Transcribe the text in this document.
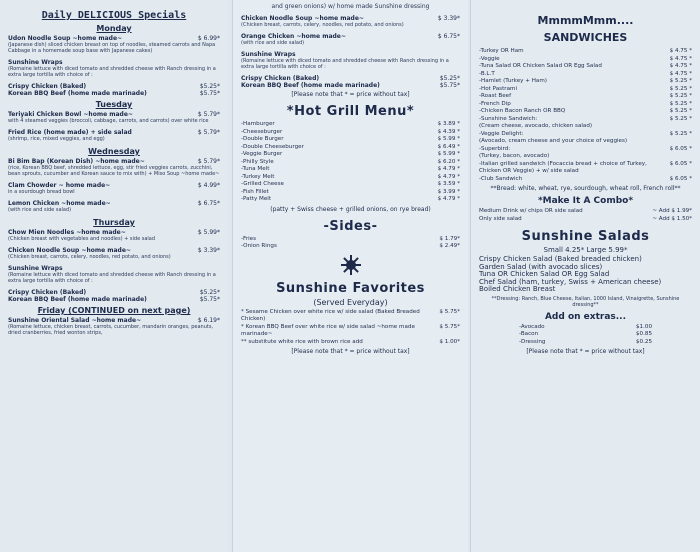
Daily DELICIOUS Specials
Monday
Udon Noodle Soup ~home made~	$ 6.99*
(Japanese dish) sliced chicken breast on top of noodles, steamed carrots and Napa Cabbage in a homemade soup base with Japanese cakes)
Sunshine Wraps
(Romaine lettuce with diced tomato and shredded cheese with Ranch dressing in a extra large tortilla with choice of :
Crispy Chicken (Baked)	$5.25*
Korean BBQ Beef (home made marinade)	$5.75*
Tuesday
Teriyaki Chicken Bowl ~home made~	$ 5.79*
with 4 steamed veggies (broccoli, cabbage, carrots, and carrots) over white rice
Fried Rice (home made) + side salad	$ 5.79*
(shrimp, rice, mixed veggies, and egg)
Wednesday
Bi Bim Bap (Korean Dish) ~home made~	$ 5.79*
(rice, Korean BBQ beef, shredded lettuce, egg, stir fried veggies carrots, zucchini, bean sprouts, cucumber and Korean sauce to mix with) + Miso Soup ~home made~
Clam Chowder ~ home made~	$ 4.99*
in a sourdough bread bowl
Lemon Chicken ~home made~	$ 6.75*
(with rice and side salad)
Thursday
Chow Mien Noodles ~home made~	$ 5.99*
(Chicken breast with vegetables and noodles) + side salad
Chicken Noodle Soup ~home made~	$ 3.39*
(Chicken breast, carrots, celery, noodles, red potato, and onions)
Sunshine Wraps
(Romaine lettuce with diced tomato and shredded cheese with Ranch dressing in a extra large tortilla with choice of :
Crispy Chicken (Baked)	$5.25*
Korean BBQ Beef (home made marinade)	$5.75*
Friday (CONTINUED on next page)
Sunshine Oriental Salad ~home made~	$ 6.19*
(Romaine lettuce, chicken breast, carrots, cucumber, mandarin oranges, peanuts, dried cranberries, fried wonton strips,
and green onions) w/ home made Sunshine dressing
Chicken Noodle Soup ~home made~	$ 3.39*
(Chicken breast, carrots, celery, noodles, red potato, and onions)
Orange Chicken ~home made~	$ 6.75*
(with rice and side salad)
Sunshine Wraps
(Romaine lettuce with diced tomato and shredded cheese with Ranch dressing in a extra large tortilla with choice of :
Crispy Chicken (Baked)	$5.25*
Korean BBQ Beef (home made marinade)	$5.75*
[Please note that * = price without tax]
*Hot Grill Menu*
-Hamburger	$ 3.89 *
-Cheeseburger	$ 4.39 *
-Double Burger	$ 5.99 *
-Double Cheeseburger	$ 6.49 *
-Veggie Burger	$ 5.99 *
-Philly Style	$ 6.20 *
-Tuna Melt	$ 4.79 *
-Turkey Melt	$ 4.79 *
-Grilled Cheese	$ 3.59 *
-Fish Fillet	$ 3.99 *
-Patty Melt	$ 4.79 *
(patty + Swiss cheese + grilled onions, on rye bread)
-Sides-
-Fries	$ 1.79*
-Onion Rings	$ 2.49*
Sunshine Favorites
(Served Everyday)
* Sesame Chicken over white rice w/ side salad (Baked Breaded Chicken)
$ 5.75*
* Korean BBQ Beef over white rice w/ side salad ~home made marinade~
$ 5.75*
** substitute white rice with brown rice add	$ 1.00*
[Please note that * = price without tax]
MmmmMmm....
SANDWICHES
-Turkey OR Ham	$ 4.75 *
-Veggie	$ 4.75 *
-Tuna Salad OR Chicken Salad OR Egg Salad	$ 4.75 *
-B.L.T	$ 4.75 *
-Hamlet (Turkey + Ham)	$ 5.25 *
-Hot Pastrami	$ 5.25 *
-Roast Beef	$ 5.25 *
-French Dip	$ 5.25 *
-Chicken Bacon Ranch OR BBQ	$ 5.25 *
-Sunshine Sandwich:	$ 5.25 *
(Cream cheese, avocado, chicken salad)
-Veggie Delight:	$ 5.25 *
(Avocado, cream cheese and your choice of veggies)
-Superbird:	$ 6.05 *
(Turkey, bacon, avocado)
-Italian grilled sandwich (Focaccia bread + choice of Turkey, Chicken OR Veggie) + w/ side salad
$ 6.05 *
-Club Sandwich	$ 6.05 *
**Bread: white, wheat, rye, sourdough, wheat roll, French roll**
*Make It A Combo*
Medium Drink w/ chips OR side salad	~ Add $ 1.99*
Only side salad	~ Add $ 1.50*
Sunshine Salads
Small 4.25* Large 5.99*
Crispy Chicken Salad (Baked breaded chicken)
Garden Salad (with avocado slices)
Tuna OR Chicken Salad OR Egg Salad
Chef Salad (ham, turkey, Swiss + American cheese)
Boiled Chicken Breast
**Dressing: Ranch, Blue Cheese, Italian, 1000 Island, Vinaigrette, Sunshine dressing**
Add on extras...
-Avocado	$1.00
-Bacon	$0.85
-Dressing	$0.25
[Please note that * = price without tax]
